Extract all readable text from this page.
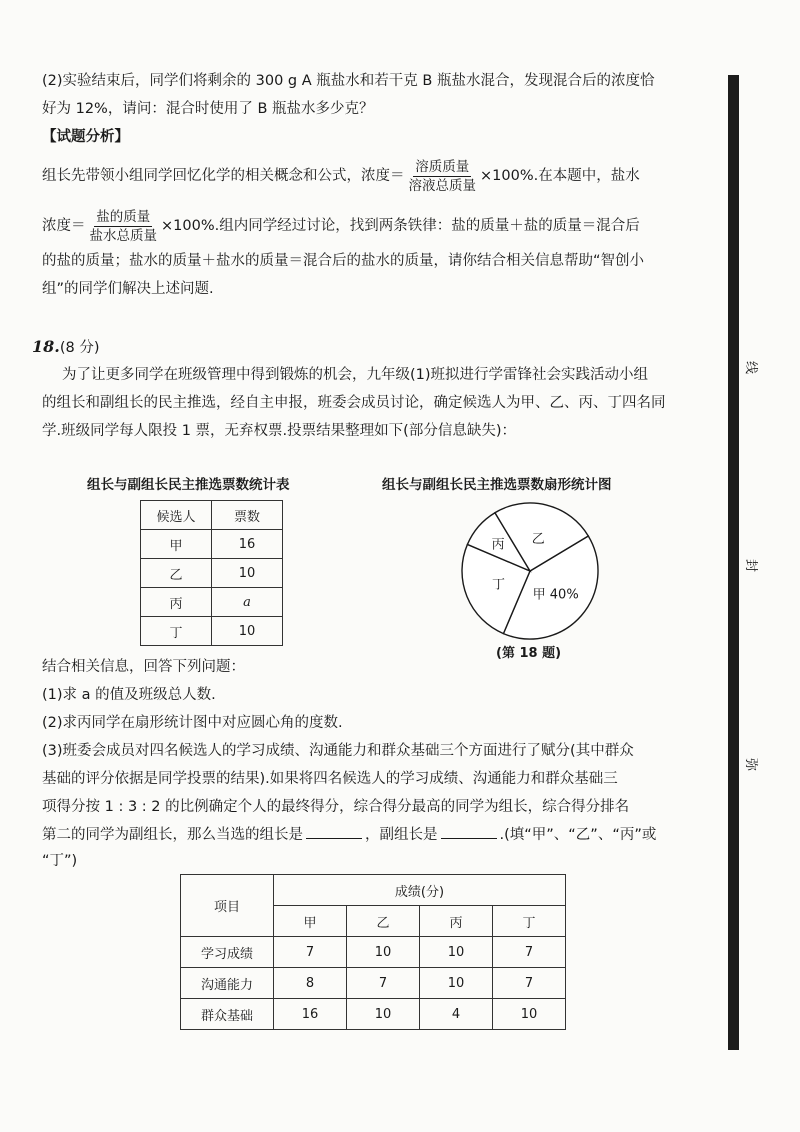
(2)实验结束后，同学们将剩余的 300 g A 瓶盐水和若干克 B 瓶盐水混合，发现混合后的浓度恰
好为 12%，请问：混合时使用了 B 瓶盐水多少克？
【试题分析】
组长先带领小组同学回忆化学的相关概念和公式，浓度＝ $\frac{\text{溶质质量}}{\text{溶液总质量}} \times 100\%$.在本题中，盐水
浓度＝ $\frac{\text{盐的质量}}{\text{盐水总质量}} \times 100\%$.组内同学经过讨论，找到两条铁律：盐的质量＋盐的质量＝混合后
的盐的质量；盐水的质量＋盐水的质量＝混合后的盐水的质量，请你结合相关信息帮助“智创小
组”的同学们解决上述问题.
18.(8 分)
为了让更多同学在班级管理中得到锻炼的机会，九年级(1)班拟进行学雷锋社会实践活动小组
的组长和副组长的民主推选，经自主申报，班委会成员讨论，确定候选人为甲、乙、丙、丁四名同
学.班级同学每人限投 1 票，无弃权票.投票结果整理如下(部分信息缺失)：
组长与副组长民主推选票数统计表	组长与副组长民主推选票数扇形统计图
候选人	票数
甲	16
乙	10
丙	a
丁	10
甲 40%
丁
丙 乙
(第 18 题)
结合相关信息，回答下列问题：
(1)求 a 的值及班级总人数.
(2)求丙同学在扇形统计图中对应圆心角的度数.
(3)班委会成员对四名候选人的学习成绩、沟通能力和群众基础三个方面进行了赋分(其中群众
基础的评分依据是同学投票的结果).如果将四名候选人的学习成绩、沟通能力和群众基础三
项得分按 1 : 3 : 2 的比例确定个人的最终得分，综合得分最高的同学为组长，综合得分排名
第二的同学为副组长，那么当选的组长是	，副组长是	.(填“甲”、“乙”、“丙”或
“丁”)
项目	成绩(分)			
	甲	乙	丙	丁
学习成绩	7	10	10	7
沟通能力	8	7	10	7
群众基础	16	10	4	10
线
封
弥
